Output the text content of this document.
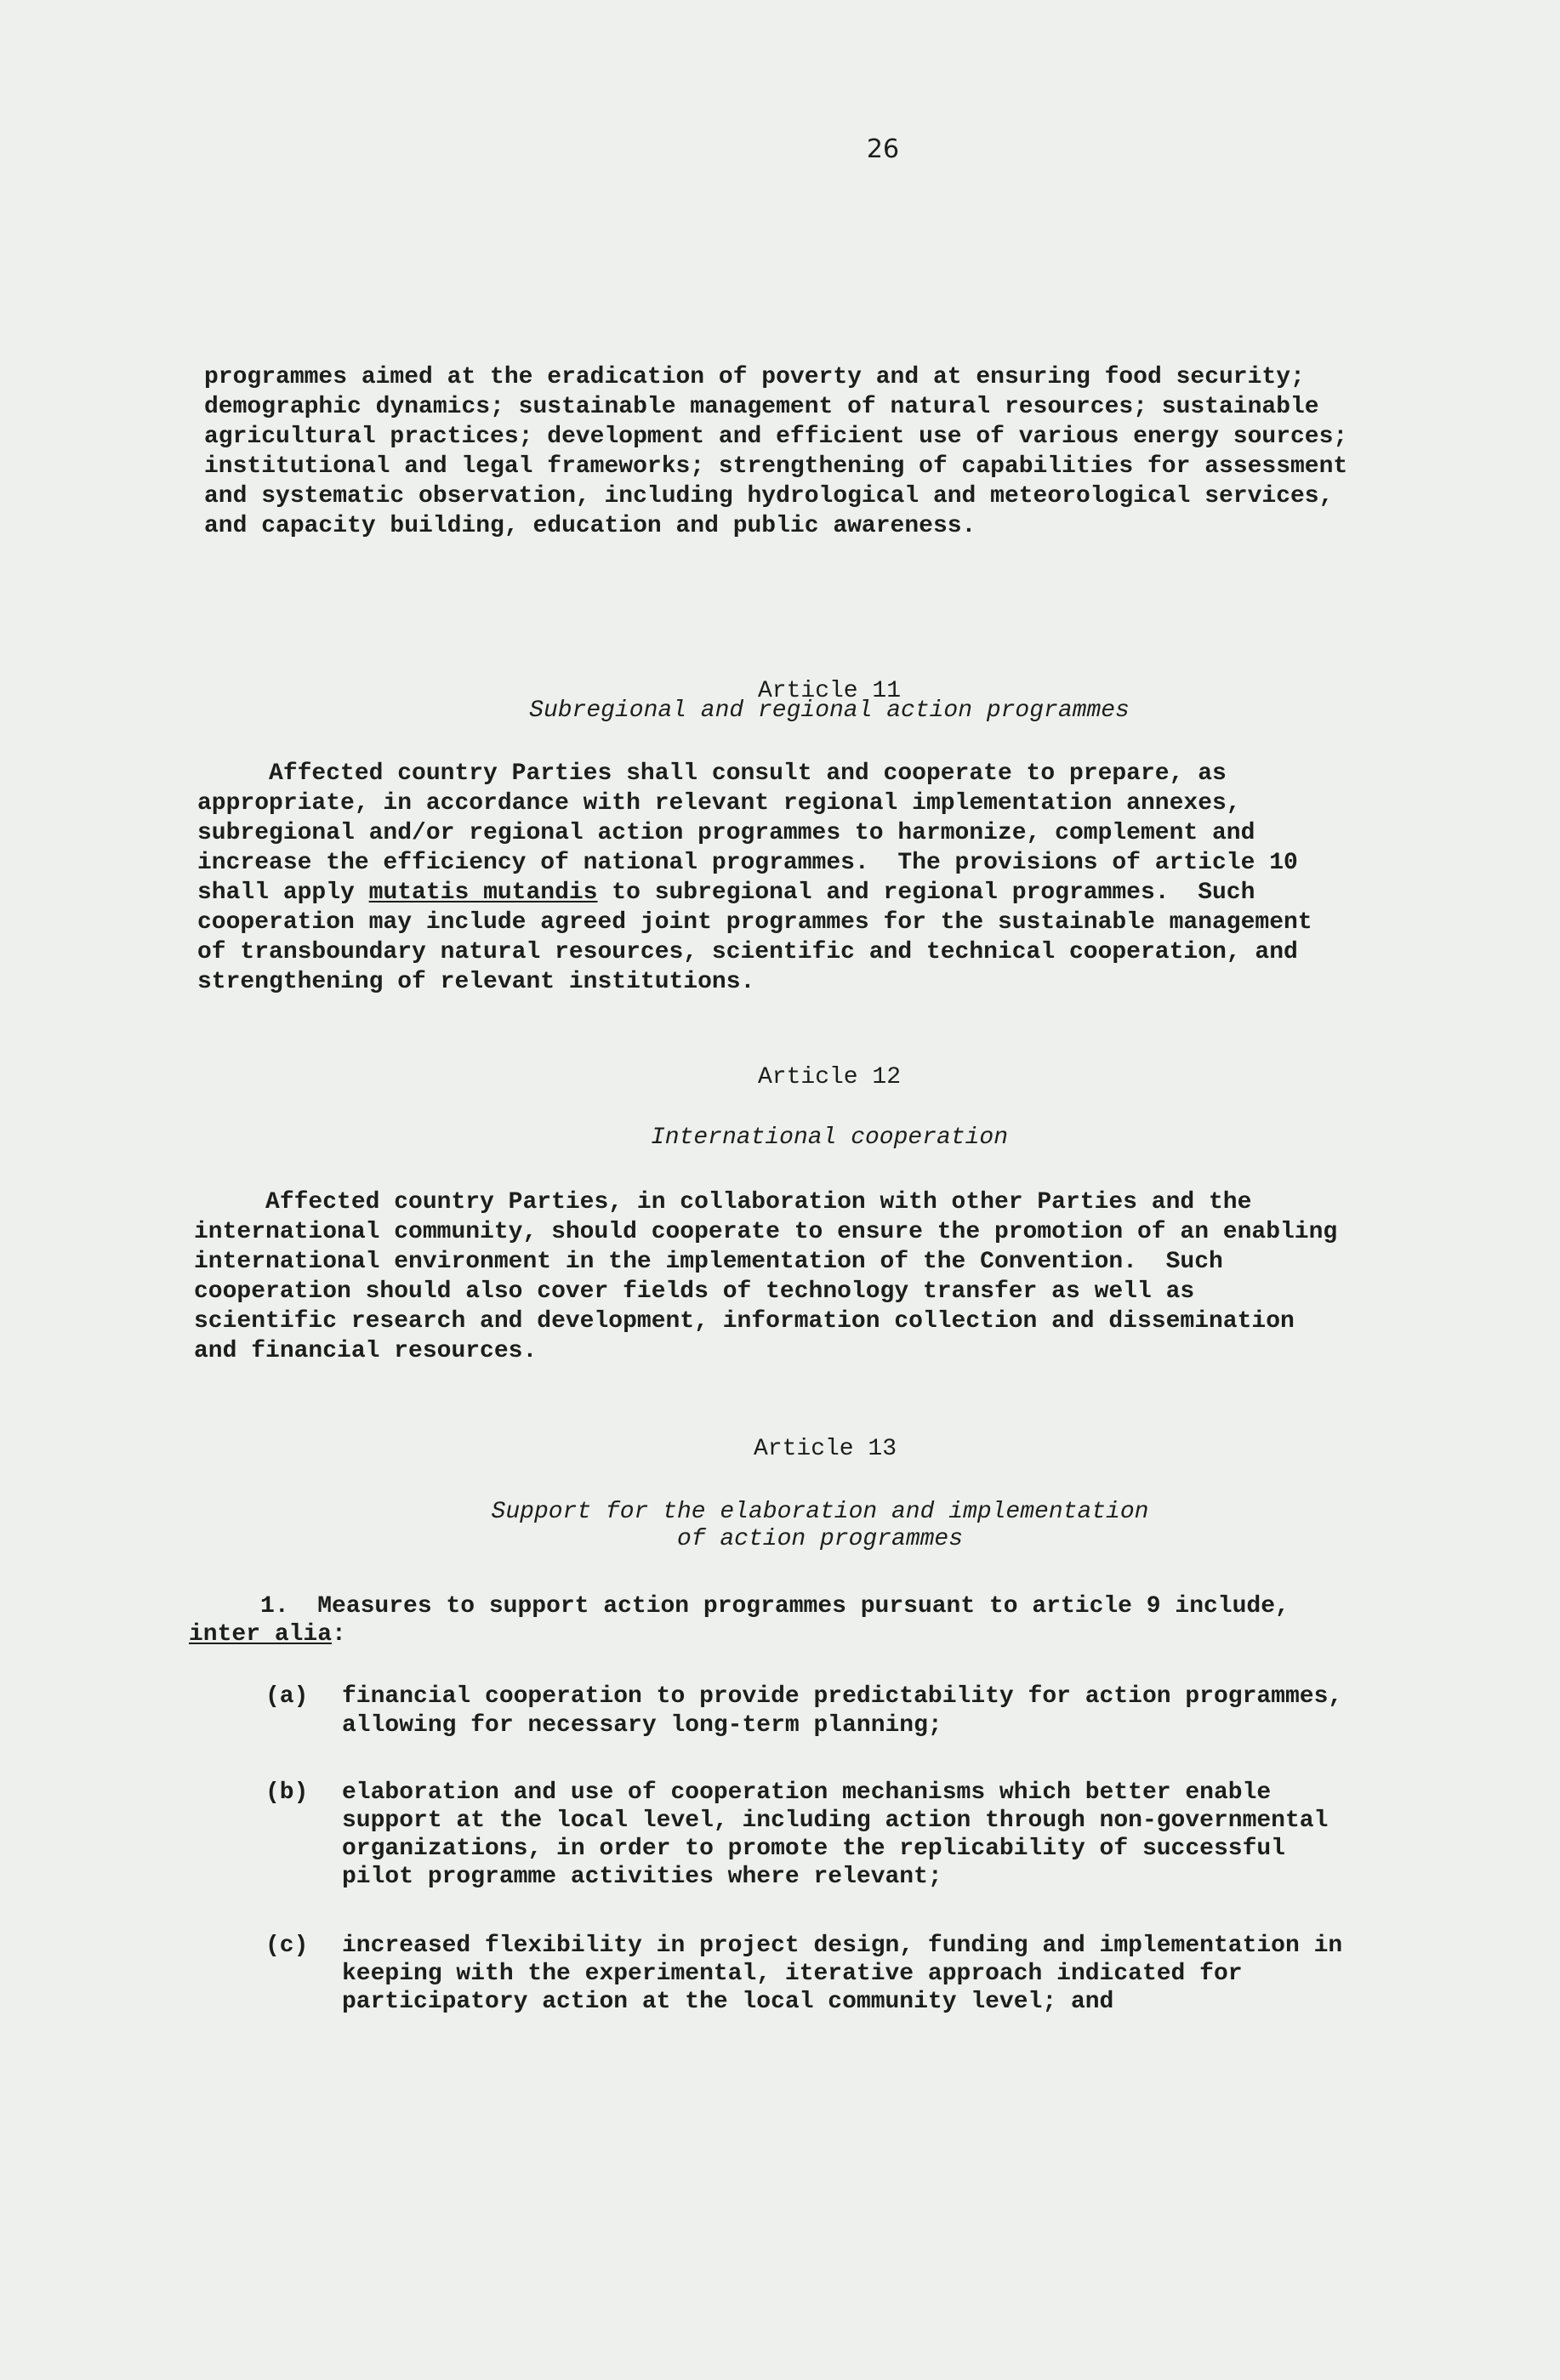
26
programmes aimed at the eradication of poverty and at ensuring food security;
demographic dynamics; sustainable management of natural resources; sustainable
agricultural practices; development and efficient use of various energy sources;
institutional and legal frameworks; strengthening of capabilities for assessment
and systematic observation, including hydrological and meteorological services,
and capacity building, education and public awareness.
Article 11
Subregional and regional action programmes
Affected country Parties shall consult and cooperate to prepare, as
appropriate, in accordance with relevant regional implementation annexes,
subregional and/or regional action programmes to harmonize, complement and
increase the efficiency of national programmes.  The provisions of article 10
shall apply mutatis mutandis to subregional and regional programmes.  Such
cooperation may include agreed joint programmes for the sustainable management
of transboundary natural resources, scientific and technical cooperation, and
strengthening of relevant institutions.
Article 12
International cooperation
Affected country Parties, in collaboration with other Parties and the
international community, should cooperate to ensure the promotion of an enabling
international environment in the implementation of the Convention.  Such
cooperation should also cover fields of technology transfer as well as
scientific research and development, information collection and dissemination
and financial resources.
Article 13
Support for the elaboration and implementation
of action programmes
1.  Measures to support action programmes pursuant to article 9 include,
inter alia:
(a) financial cooperation to provide predictability for action programmes,
allowing for necessary long-term planning;
(b) elaboration and use of cooperation mechanisms which better enable
support at the local level, including action through non-governmental
organizations, in order to promote the replicability of successful
pilot programme activities where relevant;
(c) increased flexibility in project design, funding and implementation in
keeping with the experimental, iterative approach indicated for
participatory action at the local community level; and
